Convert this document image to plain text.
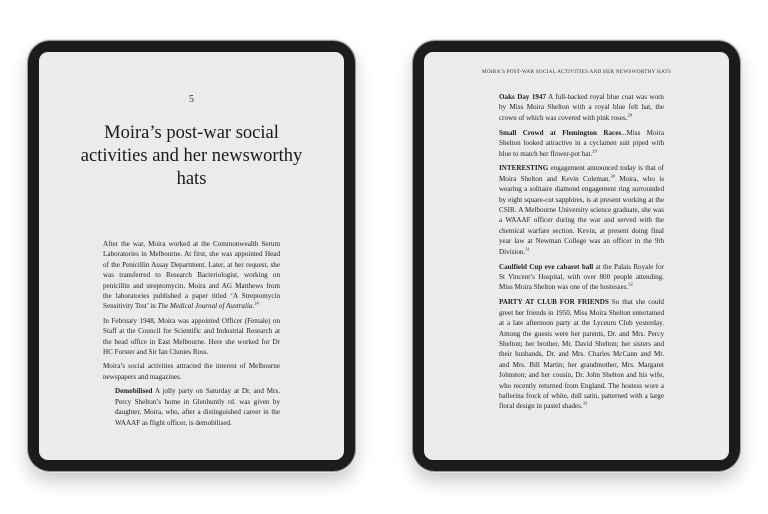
5
Moira’s post-war social activities and her newsworthy hats

After the war, Moira worked at the Commonwealth Serum Laboratories in Melbourne. At first, she was appointed Head of the Penicillin Assay Department. Later, at her request, she was transferred to Research Bacteriologist, working on penicillin and streptomycin. Moira and AG Matthews from the laboratories published a paper titled ‘A Streptomycin Sensitivity Test’ in The Medical Journal of Australia.$^{24}$

In February 1948, Moira was appointed Officer (Female) on Staff at the Council for Scientific and Industrial Research at the head office in East Melbourne. Here she worked for Dr HC Forster and Sir Ian Clunies Ross.

Moira’s social activities attracted the interest of Melbourne newspapers and magazines.

Demobilised A jolly party on Saturday at Dr. and Mrs. Percy Shelton’s home in Glenhuntly rd. was given by daughter, Moira, who, after a distinguished career in the WAAAF as flight officer, is demobilised.

MOIRA’S POST-WAR SOCIAL ACTIVITIES AND HER NEWSWORTHY HATS

Oaks Day 1947 A full-backed royal blue coat was worn by Miss Moira Shelton with a royal blue felt hat, the crown of which was covered with pink roses.$^{28}$

Small Crowd at Flemington Races...Miss Moira Shelton looked attractive in a cyclamen suit piped with blue to match her flower-pot hat.$^{29}$

INTERESTING engagement announced today is that of Moira Shelton and Kevin Coleman.$^{30}$ Moira, who is wearing a solitaire diamond engagement ring surrounded by eight square-cut sapphires, is at present working at the CSIR. A Melbourne University science graduate, she was a WAAAF officer during the war and served with the chemical warfare section. Kevin, at present doing final year law at Newman College was an officer in the 9th Division.$^{31}$

Caulfield Cup eve cabaret ball at the Palais Royale for St Vincent’s Hospital, with over 800 people attending. Miss Moira Shelton was one of the hostesses.$^{32}$

PARTY AT CLUB FOR FRIENDS So that she could greet her friends in 1950, Miss Moira Shelton entertained at a late afternoon party at the Lyceum Club yesterday. Among the guests were her parents, Dr. and Mrs. Percy Shelton; her brother, Mr. David Shelton; her sisters and their husbands, Dr. and Mrs. Charles McCann and Mr. and Mrs. Bill Martin; her grandmother, Mrs. Margaret Johnston; and her cousin, Dr. John Shelton and his wife, who recently returned from England. The hostess wore a ballerina frock of white, dull satin, patterned with a large floral design in pastel shades.$^{33}$
